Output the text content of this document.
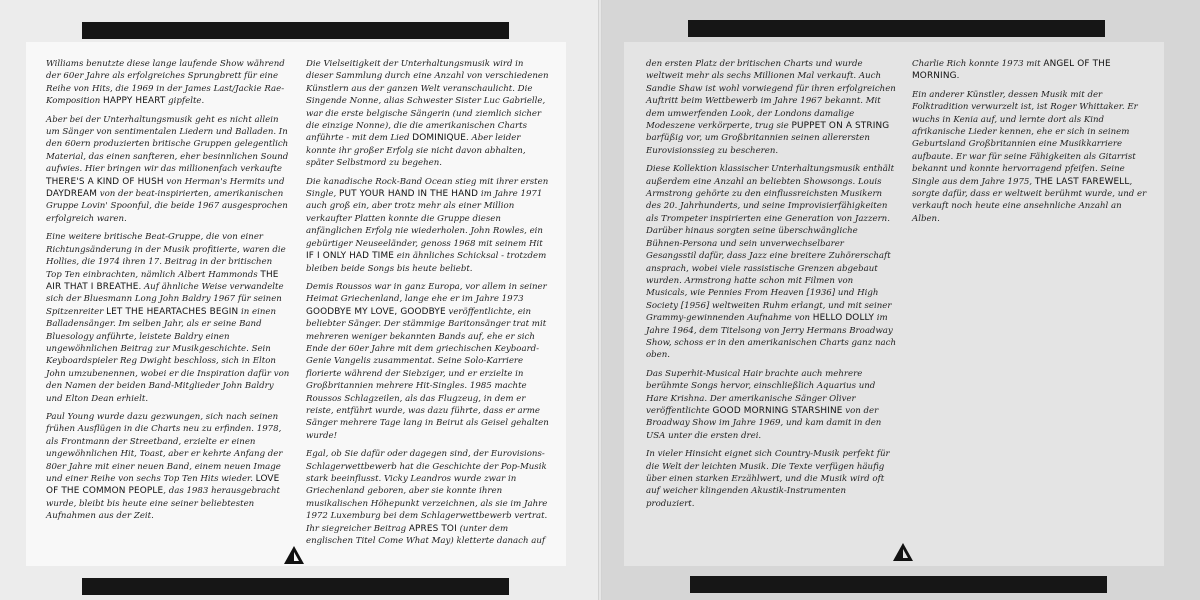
Williams benutzte diese lange laufende Show während der 60er Jahre als erfolgreiches Sprungbrett für eine Reihe von Hits, die 1969 in der James Last/Jackie Rae-Komposition HAPPY HEART gipfelte.

Aber bei der Unterhaltungsmusik geht es nicht allein um Sänger von sentimentalen Liedern und Balladen. In den 60ern produzierten britische Gruppen gelegentlich Material, das einen sanfteren, eher besinnlichen Sound aufwies. Hier bringen wir das millionenfach verkaufte THERE'S A KIND OF HUSH von Herman's Hermits und DAYDREAM von der beat-inspirierten, amerikanischen Gruppe Lovin' Spoonful, die beide 1967 ausgesprochen erfolgreich waren.

Eine weitere britische Beat-Gruppe, die von einer Richtungsänderung in der Musik profitierte, waren die Hollies, die 1974 ihren 17. Beitrag in der britischen Top Ten einbrachten, nämlich Albert Hammonds THE AIR THAT I BREATHE. Auf ähnliche Weise verwandelte sich der Bluesmann Long John Baldry 1967 für seinen Spitzenreiter LET THE HEARTACHES BEGIN in einen Balladensänger. Im selben Jahr, als er seine Band Bluesology anführte, leistete Baldry einen ungewöhnlichen Beitrag zur Musikgeschichte. Sein Keyboardspieler Reg Dwight beschloss, sich in Elton John umzubenennen, wobei er die Inspiration dafür von den Namen der beiden Band-Mitglieder John Baldry und Elton Dean erhielt.

Paul Young wurde dazu gezwungen, sich nach seinen frühen Ausflügen in die Charts neu zu erfinden. 1978, als Frontmann der Streetband, erzielte er einen ungewöhnlichen Hit, Toast, aber er kehrte Anfang der 80er Jahre mit einer neuen Band, einem neuen Image und einer Reihe von sechs Top Ten Hits wieder. LOVE OF THE COMMON PEOPLE, das 1983 herausgebracht wurde, bleibt bis heute eine seiner beliebtesten Aufnahmen aus der Zeit.

Die Vielseitigkeit der Unterhaltungsmusik wird in dieser Sammlung durch eine Anzahl von verschiedenen Künstlern aus der ganzen Welt veranschaulicht. Die Singende Nonne, alias Schwester Sister Luc Gabrielle, war die erste belgische Sängerin (und ziemlich sicher die einzige Nonne), die die amerikanischen Charts anführte - mit dem Lied DOMINIQUE. Aber leider konnte ihr großer Erfolg sie nicht davon abhalten, später Selbstmord zu begehen.

Die kanadische Rock-Band Ocean stieg mit ihrer ersten Single, PUT YOUR HAND IN THE HAND im Jahre 1971 auch groß ein, aber trotz mehr als einer Million verkaufter Platten konnte die Gruppe diesen anfänglichen Erfolg nie wiederholen. John Rowles, ein gebürtiger Neuseeländer, genoss 1968 mit seinem Hit IF I ONLY HAD TIME ein ähnliches Schicksal - trotzdem bleiben beide Songs bis heute beliebt.

Demis Roussos war in ganz Europa, vor allem in seiner Heimat Griechenland, lange ehe er im Jahre 1973 GOODBYE MY LOVE, GOODBYE veröffentlichte, ein beliebter Sänger. Der stämmige Baritonsänger trat mit mehreren weniger bekannten Bands auf, ehe er sich Ende der 60er Jahre mit dem griechischen Keyboard-Genie Vangelis zusammentat. Seine Solo-Karriere florierte während der Siebziger, und er erzielte in Großbritannien mehrere Hit-Singles. 1985 machte Roussos Schlagzeilen, als das Flugzeug, in dem er reiste, entführt wurde, was dazu führte, dass er arme Sänger mehrere Tage lang in Beirut als Geisel gehalten wurde!

Egal, ob Sie dafür oder dagegen sind, der Eurovisions-Schlagerwettbewerb hat die Geschichte der Pop-Musik stark beeinflusst. Vicky Leandros wurde zwar in Griechenland geboren, aber sie konnte ihren musikalischen Höhepunkt verzeichnen, als sie im Jahre 1972 Luxemburg bei dem Schlagerwettbewerb vertrat. Ihr siegreicher Beitrag APRES TOI (unter dem englischen Titel Come What May) kletterte danach auf

den ersten Platz der britischen Charts und wurde weltweit mehr als sechs Millionen Mal verkauft. Auch Sandie Shaw ist wohl vorwiegend für ihren erfolgreichen Auftritt beim Wettbewerb im Jahre 1967 bekannt. Mit dem umwerfenden Look, der Londons damalige Modeszene verkörperte, trug sie PUPPET ON A STRING barfüßig vor, um Großbritannien seinen allerersten Eurovisionssieg zu bescheren.

Diese Kollektion klassischer Unterhaltungsmusik enthält außerdem eine Anzahl an beliebten Showsongs. Louis Armstrong gehörte zu den einflussreichsten Musikern des 20. Jahrhunderts, und seine Improvisierfähigkeiten als Trompeter inspirierten eine Generation von Jazzern. Darüber hinaus sorgten seine überschwängliche Bühnen-Persona und sein unverwechselbarer Gesangsstil dafür, dass Jazz eine breitere Zuhörerschaft ansprach, wobei viele rassistische Grenzen abgebaut wurden. Armstrong hatte schon mit Filmen von Musicals, wie Pennies From Heaven [1936] und High Society [1956] weltweiten Ruhm erlangt, und mit seiner Grammy-gewinnenden Aufnahme von HELLO DOLLY im Jahre 1964, dem Titelsong von Jerry Hermans Broadway Show, schoss er in den amerikanischen Charts ganz nach oben.

Das Superhit-Musical Hair brachte auch mehrere berühmte Songs hervor, einschließlich Aquarius und Hare Krishna. Der amerikanische Sänger Oliver veröffentlichte GOOD MORNING STARSHINE von der Broadway Show im Jahre 1969, und kam damit in den USA unter die ersten drei.

In vieler Hinsicht eignet sich Country-Musik perfekt für die Welt der leichten Musik. Die Texte verfügen häufig über einen starken Erzählwert, und die Musik wird oft auf weicher klingenden Akustik-Instrumenten produziert.

Charlie Rich konnte 1973 mit ANGEL OF THE MORNING.

Ein anderer Künstler, dessen Musik mit der Folktradition verwurzelt ist, ist Roger Whittaker. Er wuchs in Kenia auf, und lernte dort als Kind afrikanische Lieder kennen, ehe er sich in seinem Geburtsland Großbritannien eine Musikkarriere aufbaute. Er war für seine Fähigkeiten als Gitarrist bekannt und konnte hervorragend pfeifen. Seine Single aus dem Jahre 1975, THE LAST FAREWELL, sorgte dafür, dass er weltweit berühmt wurde, und er verkauft noch heute eine ansehnliche Anzahl an Alben.
